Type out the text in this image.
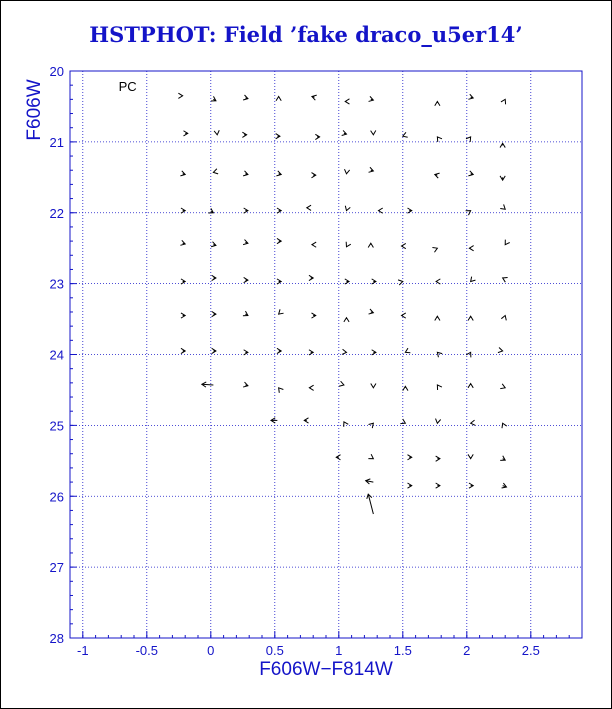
HSTPHOT: Field ’fake draco_u5er14’
-1	-0.5	0	0.5	1	1.5	2	2.5
20
21
22
23
24
25
26
27
28
PC
F606W−F814W
F606W
